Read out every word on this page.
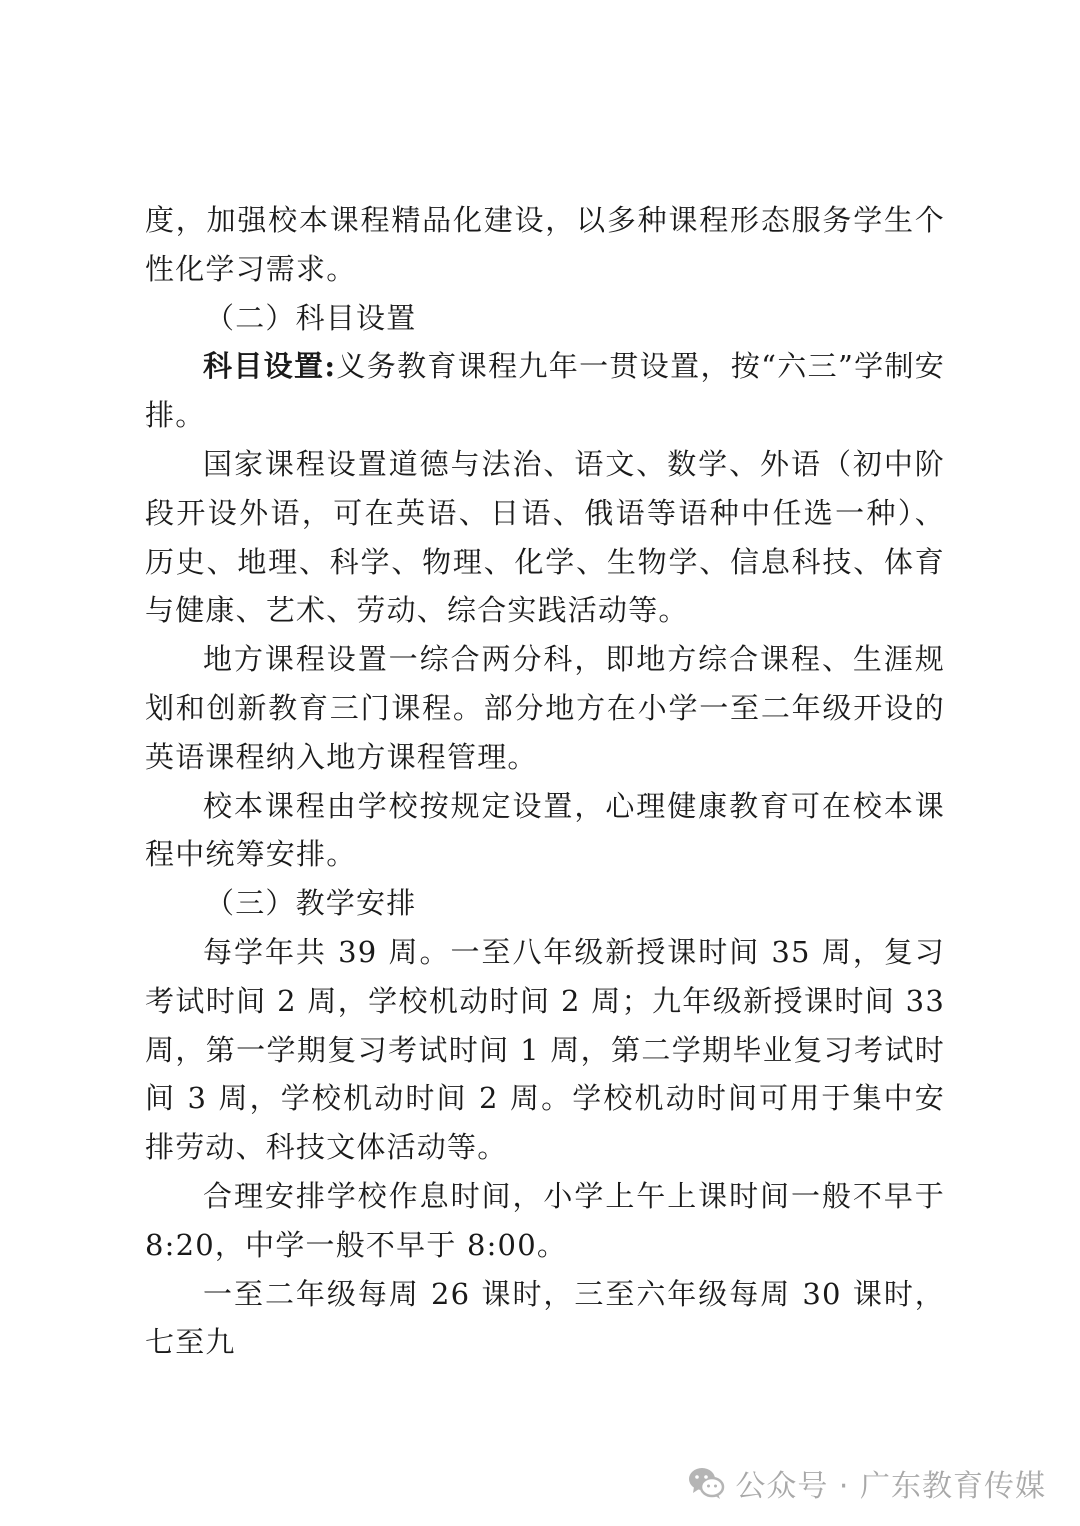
度，加强校本课程精品化建设，以多种课程形态服务学生个性化学习需求。

（二）科目设置

科目设置:义务教育课程九年一贯设置，按“六三”学制安排。

国家课程设置道德与法治、语文、数学、外语（初中阶段开设外语，可在英语、日语、俄语等语种中任选一种）、历史、地理、科学、物理、化学、生物学、信息科技、体育与健康、艺术、劳动、综合实践活动等。

地方课程设置一综合两分科，即地方综合课程、生涯规划和创新教育三门课程。部分地方在小学一至二年级开设的英语课程纳入地方课程管理。

校本课程由学校按规定设置，心理健康教育可在校本课程中统筹安排。

（三）教学安排

每学年共 39 周。一至八年级新授课时间 35 周，复习考试时间 2 周，学校机动时间 2 周；九年级新授课时间 33 周，第一学期复习考试时间 1 周，第二学期毕业复习考试时间 3 周，学校机动时间 2 周。学校机动时间可用于集中安排劳动、科技文体活动等。

合理安排学校作息时间，小学上午上课时间一般不早于 8:20，中学一般不早于 8:00。

一至二年级每周 26 课时，三至六年级每周 30 课时，七至九

公众号 · 广东教育传媒
